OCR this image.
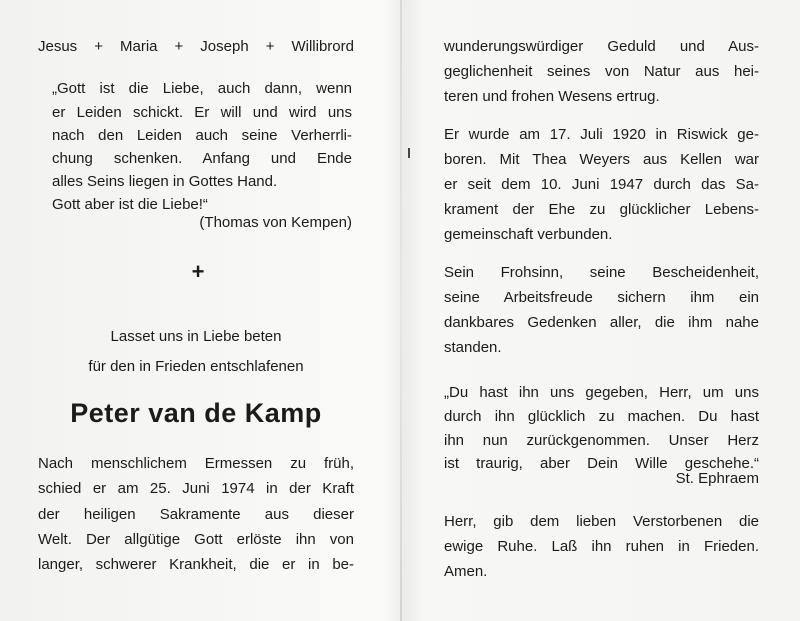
Jesus + Maria + Joseph + Willibrord
„Gott ist die Liebe, auch dann, wenn
er Leiden schickt. Er will und wird uns
nach den Leiden auch seine Verherrli-
chung schenken. Anfang und Ende
alles Seins liegen in Gottes Hand.
Gott aber ist die Liebe!“
(Thomas von Kempen)
+
Lasset uns in Liebe beten
für den in Frieden entschlafenen
Peter van de Kamp
Nach menschlichem Ermessen zu früh,
schied er am 25. Juni 1974 in der Kraft
der heiligen Sakramente aus dieser
Welt. Der allgütige Gott erlöste ihn von
langer, schwerer Krankheit, die er in be-
wunderungswürdiger Geduld und Aus-
geglichenheit seines von Natur aus hei-
teren und frohen Wesens ertrug.
Er wurde am 17. Juli 1920 in Riswick ge-
boren. Mit Thea Weyers aus Kellen war
er seit dem 10. Juni 1947 durch das Sa-
krament der Ehe zu glücklicher Lebens-
gemeinschaft verbunden.
Sein Frohsinn, seine Bescheidenheit,
seine Arbeitsfreude sichern ihm ein
dankbares Gedenken aller, die ihm nahe
standen.
„Du hast ihn uns gegeben, Herr, um uns
durch ihn glücklich zu machen. Du hast
ihn nun zurückgenommen. Unser Herz
ist traurig, aber Dein Wille geschehe.“
St. Ephraem
Herr, gib dem lieben Verstorbenen die
ewige Ruhe. Laß ihn ruhen in Frieden.
Amen.
